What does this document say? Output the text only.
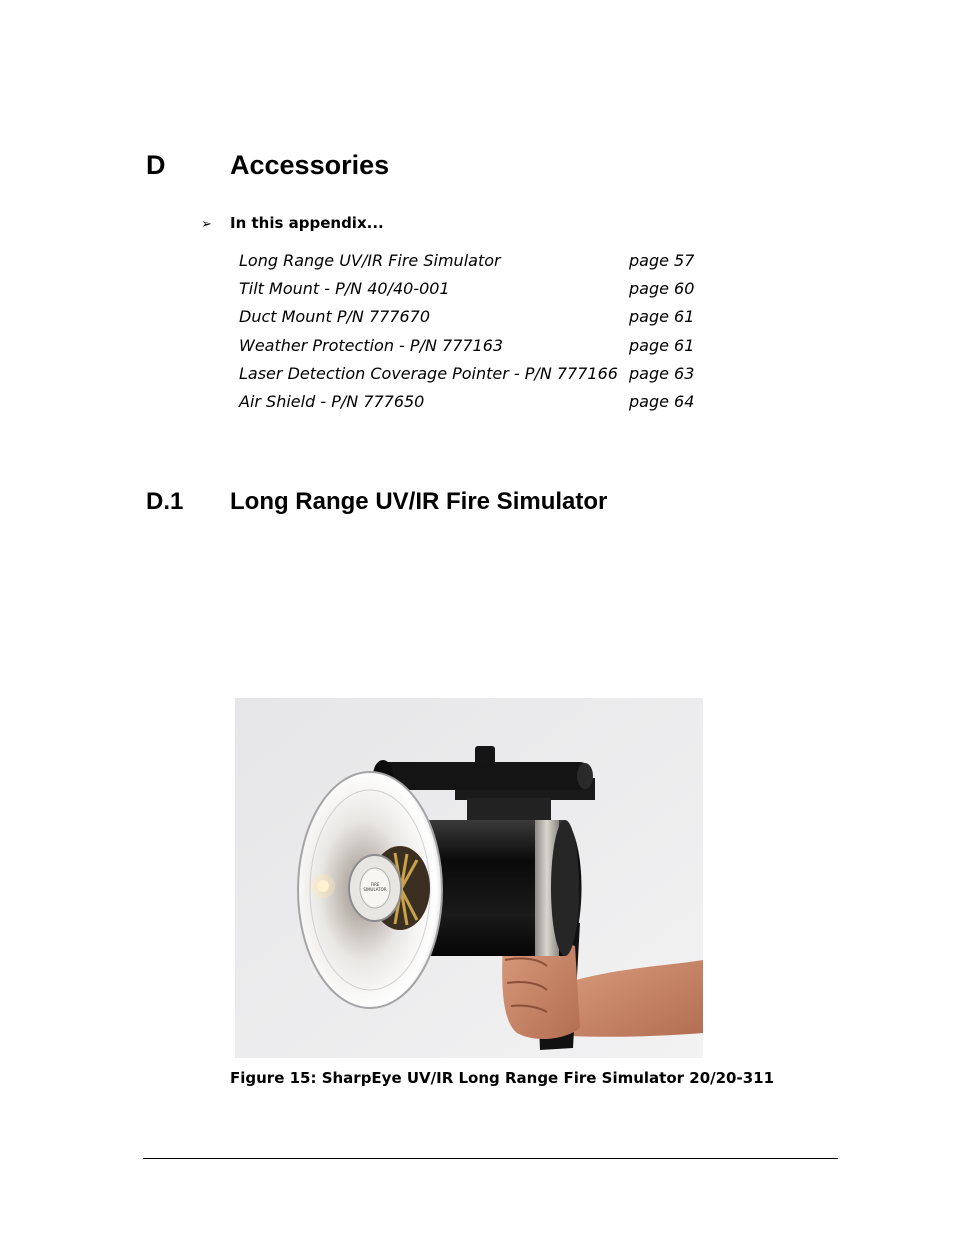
D Accessories
➢ In this appendix...
Long Range UV/IR Fire Simulator	page 57
Tilt Mount - P/N 40/40-001	page 60
Duct Mount P/N 777670	page 61
Weather Protection - P/N 777163	page 61
Laser Detection Coverage Pointer - P/N 777166 page 63
Air Shield - P/N 777650	page 64
D.1 Long Range UV/IR Fire Simulator
FIRE SIMULATOR
Figure 15: SharpEye UV/IR Long Range Fire Simulator 20/20-311
